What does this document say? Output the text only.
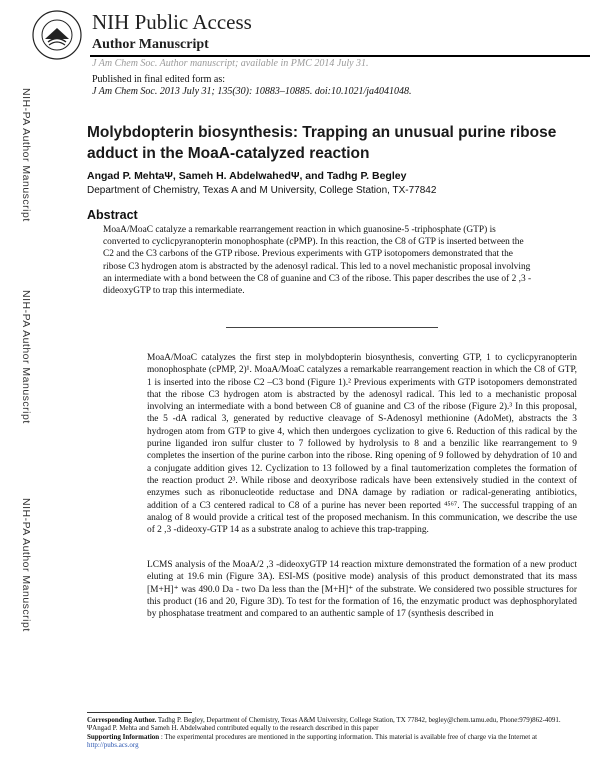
NIH Public Access
Author Manuscript
J Am Chem Soc. Author manuscript; available in PMC 2014 July 31.
Published in final edited form as:
J Am Chem Soc. 2013 July 31; 135(30): 10883–10885. doi:10.1021/ja4041048.
NIH-PA Author Manuscript
NIH-PA Author Manuscript
NIH-PA Author Manuscript
Molybdopterin biosynthesis: Trapping an unusual purine ribose adduct in the MoaA-catalyzed reaction
Angad P. MehtaΨ, Sameh H. AbdelwahedΨ, and Tadhg P. Begley
Department of Chemistry, Texas A and M University, College Station, TX-77842
Abstract
MoaA/MoaC catalyze a remarkable rearrangement reaction in which guanosine-5 -triphosphate (GTP) is converted to cyclicpyranopterin monophosphate (cPMP). In this reaction, the C8 of GTP is inserted between the C2 and the C3 carbons of the GTP ribose. Previous experiments with GTP isotopomers demonstrated that the ribose C3 hydrogen atom is abstracted by the adenosyl radical. This led to a novel mechanistic proposal involving an intermediate with a bond between the C8 of guanine and C3 of the ribose. This paper describes the use of 2 ,3 -dideoxyGTP to trap this intermediate.
MoaA/MoaC catalyzes the first step in molybdopterin biosynthesis, converting GTP, 1 to cyclicpyranopterin monophosphate (cPMP, 2)¹. MoaA/MoaC catalyzes a remarkable rearrangement reaction in which the C8 of GTP, 1 is inserted into the ribose C2 –C3 bond (Figure 1).² Previous experiments with GTP isotopomers demonstrated that the ribose C3 hydrogen atom is abstracted by the adenosyl radical. This led to a mechanistic proposal involving an intermediate with a bond between C8 of guanine and C3 of the ribose (Figure 2).³ In this proposal, the 5 -dA radical 3, generated by reductive cleavage of S-Adenosyl methionine (AdoMet), abstracts the 3 hydrogen atom from GTP to give 4, which then undergoes cyclization to give 6. Reduction of this radical by the purine liganded iron sulfur cluster to 7 followed by hydrolysis to 8 and a benzilic like rearrangement to 9 completes the insertion of the purine carbon into the ribose. Ring opening of 9 followed by dehydration of 10 and a conjugate addition gives 12. Cyclization to 13 followed by a final tautomerization completes the formation of the reaction product 2³. While ribose and deoxyribose radicals have been extensively studied in the context of enzymes such as ribonucleotide reductase and DNA damage by radiation or radical-generating antibiotics, addition of a C3 centered radical to C8 of a purine has never been reported ⁴⁵⁶⁷. The successful trapping of an analog of 8 would provide a critical test of the proposed mechanism. In this communication, we describe the use of 2 ,3 -dideoxy-GTP 14 as a substrate analog to achieve this trap-trapping.
LCMS analysis of the MoaA/2 ,3 -dideoxyGTP 14 reaction mixture demonstrated the formation of a new product eluting at 19.6 min (Figure 3A). ESI-MS (positive mode) analysis of this product demonstrated that its mass [M+H]⁺ was 490.0 Da - two Da less than the [M+H]⁺ of the substrate. We considered two possible structures for this product (16 and 20, Figure 3D). To test for the formation of 16, the enzymatic product was dephosphorylated by phosphatase treatment and compared to an authentic sample of 17 (synthesis described in
Corresponding Author. Tadhg P. Begley, Department of Chemistry, Texas A&M University, College Station, TX 77842, begley@chem.tamu.edu, Phone:979)862-4091.
ΨAngad P. Mehta and Sameh H. Abdelwahed contributed equally to the research described in this paper
Supporting Information : The experimental procedures are mentioned in the supporting information. This material is available free of charge via the Internet at http://pubs.acs.org
